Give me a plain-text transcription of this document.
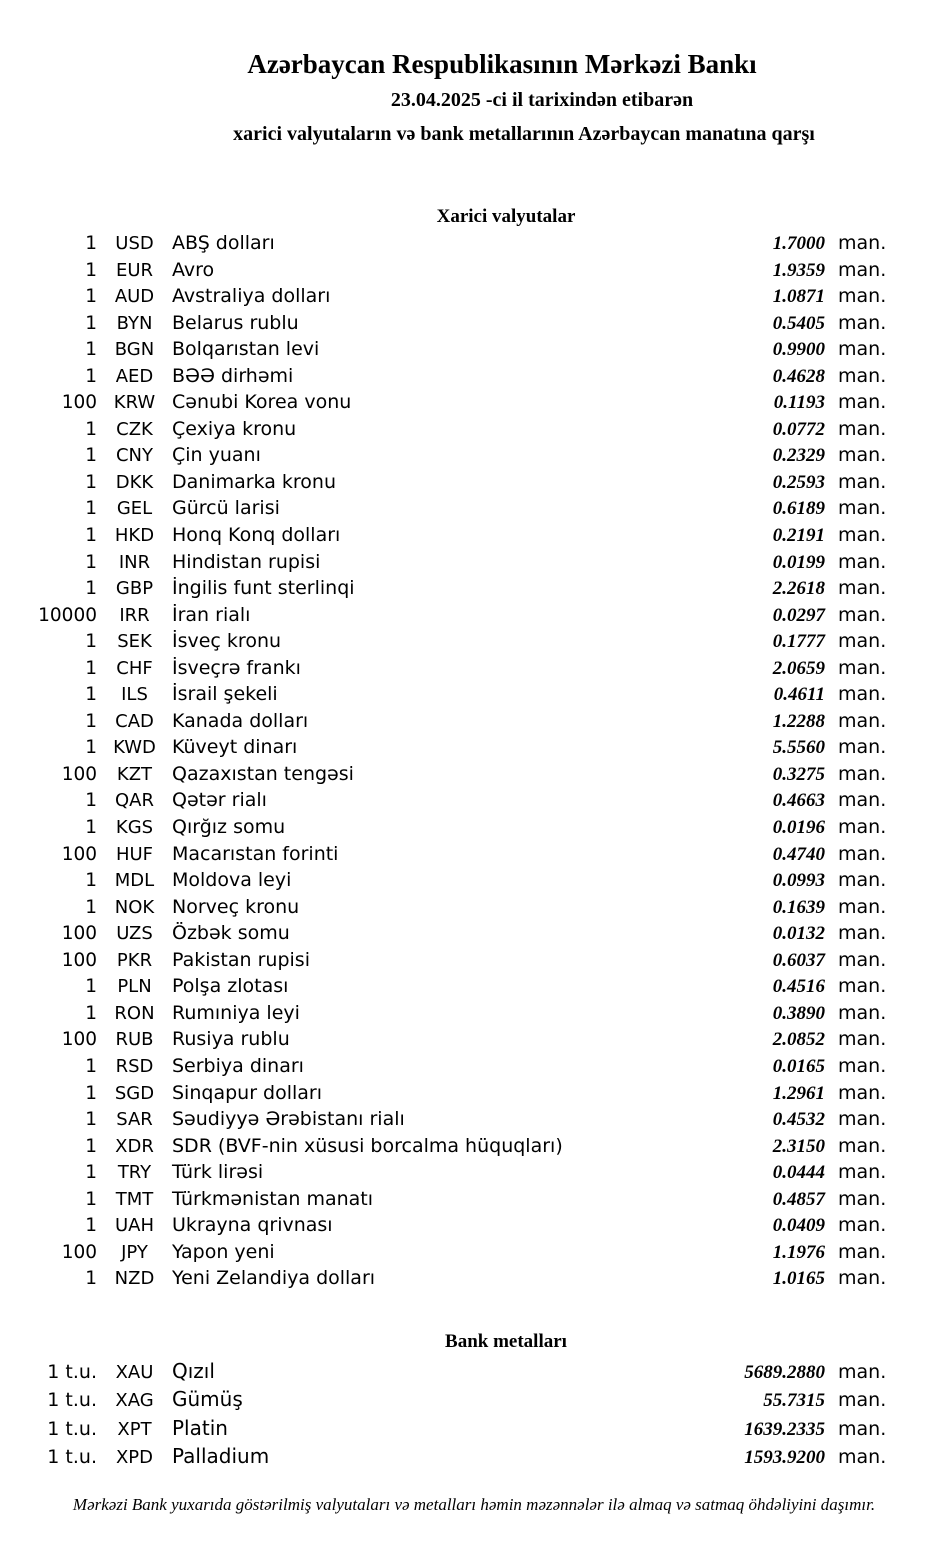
Azərbaycan Respublikasının Mərkəzi Bankı
23.04.2025 -ci il tarixindən etibarən
xarici valyutaların və bank metallarının Azərbaycan manatına qarşı
Xarici valyutalar
1	USD ABŞ dolları	1.7000 man.
1	EUR Avro	1.9359 man.
1 AUD Avstraliya dolları	1.0871 man.
1	BYN	Belarus rublu	0.5405 man.
1 BGN Bolqarıstan levi	0.9900 man.
1	AED BƏƏ dirhəmi	0.4628 man.
100 KRW Cənubi Korea vonu	0.1193 man.
1	CZK	Çexiya kronu	0.0772 man.
1	CNY Çin yuanı	0.2329 man.
1	DKK Danimarka kronu	0.2593 man.
1	GEL	Gürcü larisi	0.6189 man.
1 HKD Honq Konq dolları	0.2191 man.
1	INR	Hindistan rupisi	0.0199 man.
1	GBP İngilis funt sterlinqi	2.2618 man.
10000	IRR	İran rialı	0.0297 man.
1	SEK	İsveç kronu	0.1777 man.
1	CHF	İsveçrə frankı	2.0659 man.
1	ILS	İsrail şekeli	0.4611 man.
1	CAD Kanada dolları	1.2288 man.
1 KWD Küveyt dinarı	5.5560 man.
100	KZT	Qazaxıstan tengəsi	0.3275 man.
1	QAR Qətər rialı	0.4663 man.
1	KGS Qırğız somu	0.0196 man.
100	HUF Macarıstan forinti	0.4740 man.
1 MDL Moldova leyi	0.0993 man.
1 NOK Norveç kronu	0.1639 man.
100	UZS	Özbək somu	0.0132 man.
100	PKR	Pakistan rupisi	0.6037 man.
1	PLN	Polşa zlotası	0.4516 man.
1 RON Rumıniya leyi	0.3890 man.
100	RUB Rusiya rublu	2.0852 man.
1	RSD Serbiya dinarı	0.0165 man.
1 SGD Sinqapur dolları	1.2961 man.
1	SAR	Səudiyyə Ərəbistanı rialı	0.4532 man.
1	XDR SDR (BVF-nin xüsusi borcalma hüquqları)	2.3150 man.
1	TRY	Türk lirəsi	0.0444 man.
1	TMT Türkmənistan manatı	0.4857 man.
1 UAH Ukrayna qrivnası	0.0409 man.
100	JPY	Yapon yeni	1.1976 man.
1 NZD Yeni Zelandiya dolları	1.0165 man.
Bank metalları
1 t.u.	XAU Qızıl	5689.2880 man.
1 t.u.	XAG Gümüş	55.7315 man.
1 t.u.	XPT	Platin	1639.2335 man.
1 t.u.	XPD Palladium	1593.9200 man.
Mərkəzi Bank yuxarıda göstərilmiş valyutaları və metalları həmin məzənnələr ilə almaq və satmaq öhdəliyini daşımır.
